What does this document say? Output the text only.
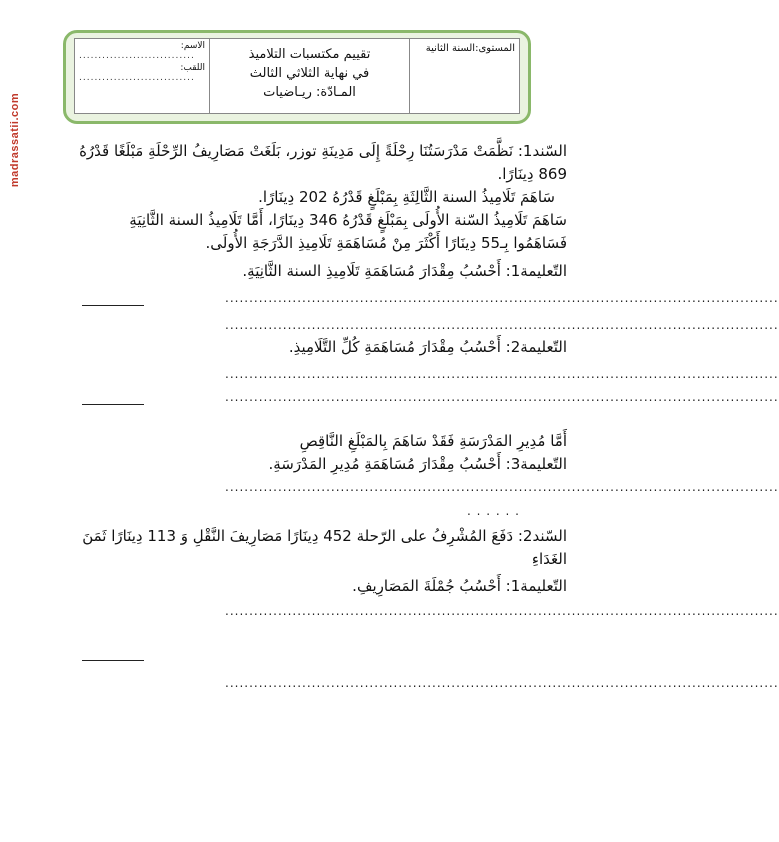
madrassatii.com
الاسم:
..............................
اللقب:
..............................
تقييم مكتسبات التلاميذ
في نهاية الثلاثي الثالث
المـادّة: ريـاضيات
المستوى:السنة الثانية
السّند1: نَظَّمَتْ مَدْرَسَتُنَا رِحْلَةً إِلَى مَدِينَةِ توزر، بَلَغَتْ مَصَارِيفُ الرِّحْلَةِ مَبْلَغًا قَدْرُهُ
869 دِينَارًا.
سَاهَمَ تَلَامِيذُ السنة الثَّالِثَةِ بِمَبْلَغٍ قَدْرُهُ 202 دِينَارًا.
سَاهَمَ تَلَامِيذُ السّنة الأُولَى بِمَبْلَغٍ قَدْرُهُ 346 دِينَارًا، أَمَّا تَلَامِيذُ السنة الثَّانِيَةِ
فَسَاهَمُوا بِـ55 دِينَارًا أَكْثَرَ مِنْ مُسَاهَمَةِ تَلَامِيذِ الدَّرَجَةِ الأُولَى.
التّعليمة1: أَحْسُبُ مِقْدَارَ مُسَاهَمَةِ تَلَامِيذِ السنة الثَّانِيَةِ.
...................................................................................................................
...................................................................................................................
التّعليمة2: أَحْسُبُ مِقْدَارَ مُسَاهَمَةِ كُلِّ التَّلَامِيذِ.
...................................................................................................................
...................................................................................................................
أَمَّا مُدِيرِ المَدْرَسَةِ فَقَدْ سَاهَمَ بِالمَبْلَغِ النَّاقِصِ
التّعليمة3: أَحْسُبُ مِقْدَارَ مُسَاهَمَةِ مُدِيرِ المَدْرَسَةِ.
...................................................................................................................
. . . . . .
السّند2: دَفَعَ المُشْرِفُ على الرّحلة 452 دِينَارًا مَصَارِيفَ النَّقْلِ وَ 113 دِينَارًا ثَمَنَ
الغَدَاءِ
التّعليمة1: أَحْسُبُ جُمْلَةَ المَصَارِيفِ.
...................................................................................................................
...................................................................................................................
